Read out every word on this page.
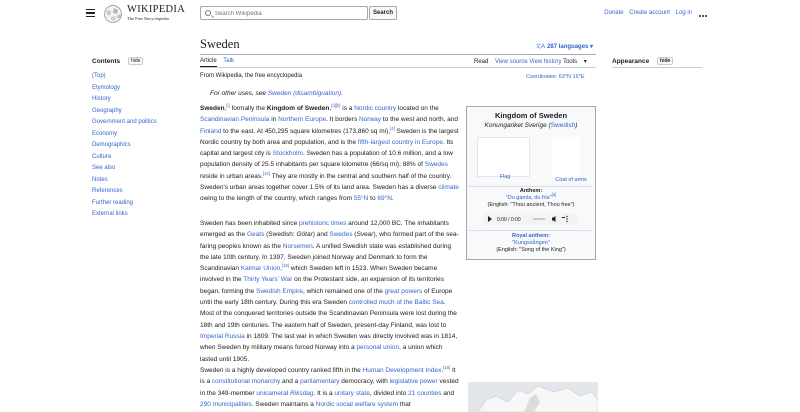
WIKIPEDIA
The Free Encyclopedia
Search Wikipedia
Search	Donate Create account Log in
Contents hide
(Top)
Etymology
History
Geography
Government and politics
Economy
Demographics
Culture
See also
Notes
References
Further reading
External links
Sweden	文A 287 languages ▾
Article Talk	Read View source View history Tools ▾
From Wikipedia, the free encyclopedia	Coordinates: 63°N 16°E
Appearance hide
For other uses, see Sweden (disambiguation).
Sweden,[i] formally the Kingdom of Sweden,[d][h] is a Nordic country located on the Scandinavian Peninsula in Northern Europe. It borders Norway to the west and north, and Finland to the east. At 450,295 square kilometres (173,860 sq mi),[4] Sweden is the largest Nordic country by both area and population, and is the fifth-largest country in Europe. Its capital and largest city is Stockholm. Sweden has a population of 10.6 million, and a low population density of 25.5 inhabitants per square kilometre (66/sq mi); 88% of Swedes reside in urban areas.[14] They are mostly in the central and southern half of the country. Sweden's urban areas together cover 1.5% of its land area. Sweden has a diverse climate owing to the length of the country, which ranges from 55°N to 69°N.
Sweden has been inhabited since prehistoric times around 12,000 BC. The inhabitants emerged as the Geats (Swedish: Götar) and Swedes (Svear), who formed part of the sea-faring peoples known as the Norsemen. A unified Swedish state was established during the late 10th century. In 1397, Sweden joined Norway and Denmark to form the Scandinavian Kalmar Union,[15] which Sweden left in 1523. When Sweden became involved in the Thirty Years' War on the Protestant side, an expansion of its territories began, forming the Swedish Empire, which remained one of the great powers of Europe until the early 18th century. During this era Sweden controlled much of the Baltic Sea. Most of the conquered territories outside the Scandinavian Peninsula were lost during the 18th and 19th centuries. The eastern half of Sweden, present-day Finland, was lost to Imperial Russia in 1809. The last war in which Sweden was directly involved was in 1814, when Sweden by military means forced Norway into a personal union, a union which lasted until 1905.
Sweden is a highly developed country ranked fifth in the Human Development Index.[16] It is a constitutional monarchy and a parliamentary democracy, with legislative power vested in the 349-member unicameral Riksdag. It is a unitary state, divided into 21 counties and 290 municipalities. Sweden maintains a Nordic social welfare system that
Kingdom of Sweden
Konungariket Sverige (Swedish)
Flag	Coat of arms
Anthem:
"Du gamla, du fria"[a]
(English: "Thou ancient, Thou free")
0:00 / 0:00
Royal anthem:
"Kungssången"
(English: "Song of the King")
